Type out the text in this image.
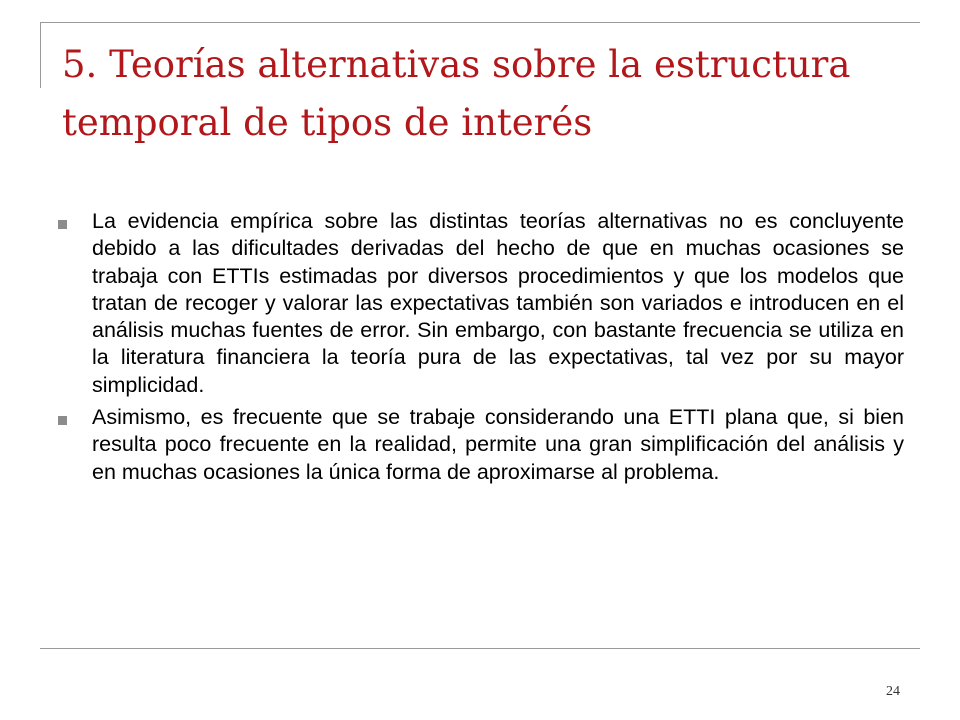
5. Teorías alternativas sobre la estructura temporal de tipos de interés
La evidencia empírica sobre las distintas teorías alternativas no es concluyente debido a las dificultades derivadas del hecho de que en muchas ocasiones se trabaja con ETTIs estimadas por diversos procedimientos y que los modelos que tratan de recoger y valorar las expectativas también son variados e introducen en el análisis muchas fuentes de error. Sin embargo, con bastante frecuencia se utiliza en la literatura financiera la teoría pura de las expectativas, tal vez por su mayor simplicidad.
Asimismo, es frecuente que se trabaje considerando una ETTI plana que, si bien resulta poco frecuente en la realidad, permite una gran simplificación del análisis y en muchas ocasiones la única forma de aproximarse al problema.
24
